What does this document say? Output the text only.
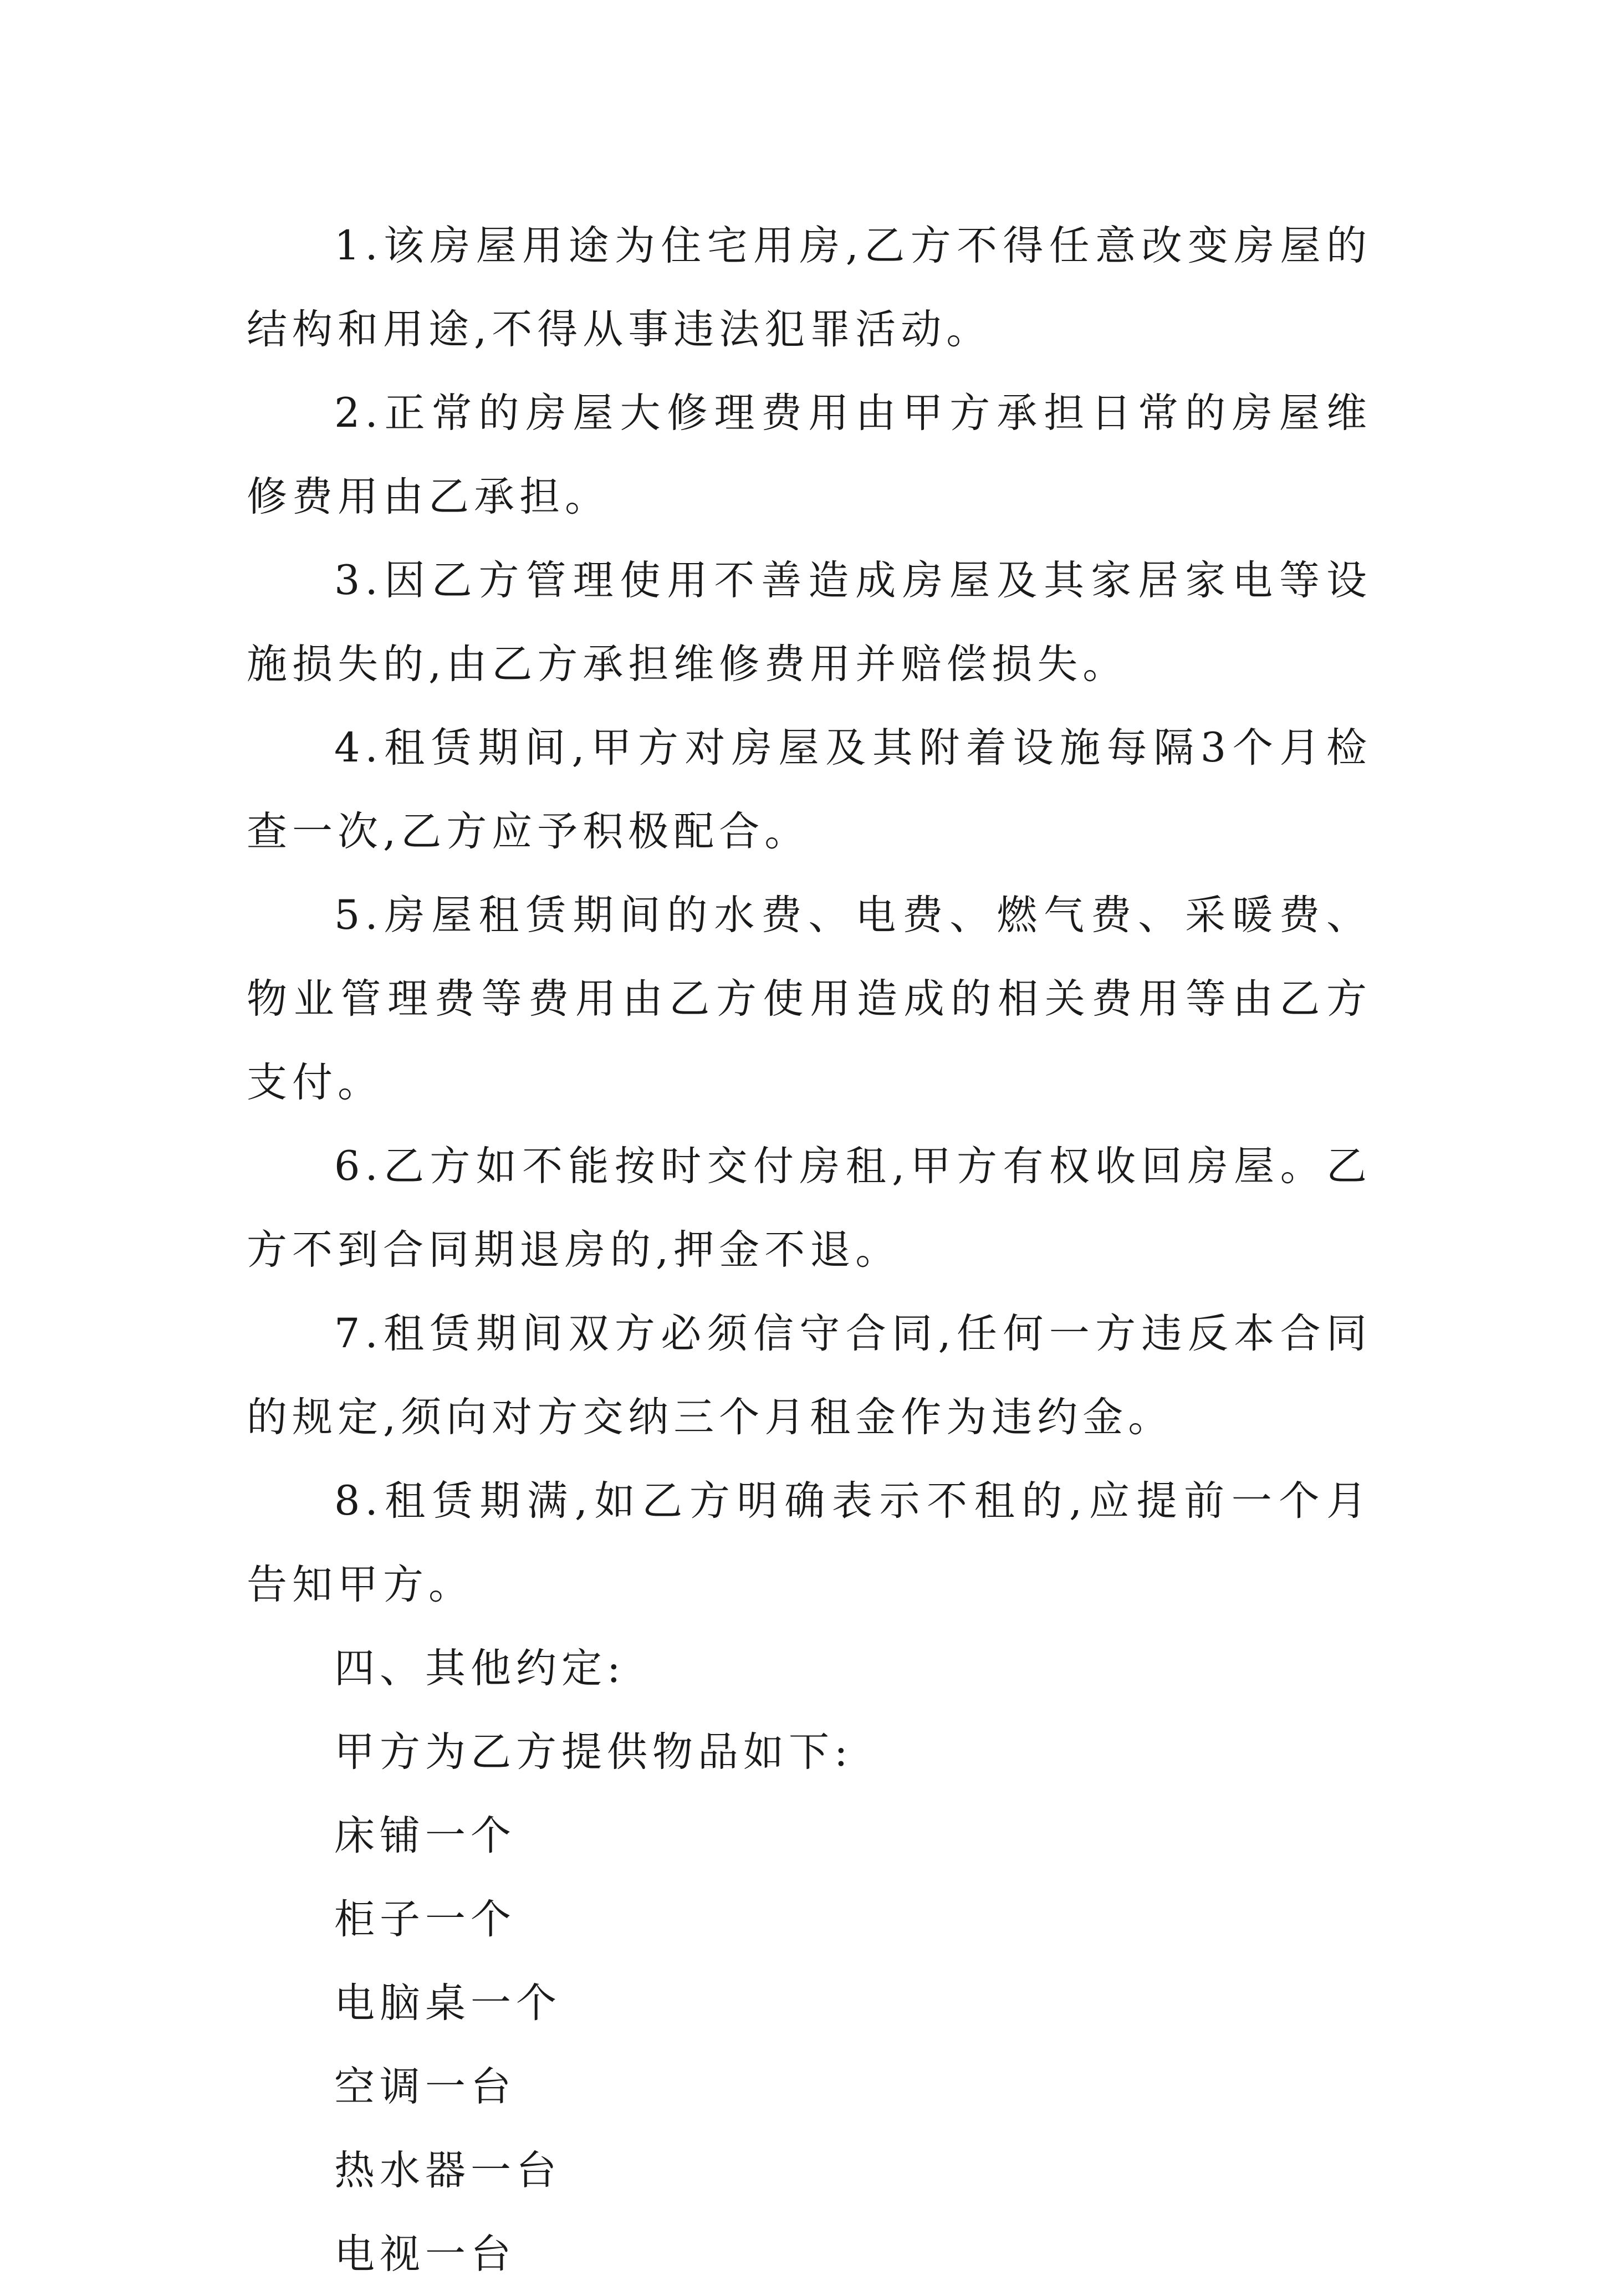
1.该房屋用途为住宅用房,乙方不得任意改变房屋的结构和用途,不得从事违法犯罪活动。

2.正常的房屋大修理费用由甲方承担日常的房屋维修费用由乙承担。

3.因乙方管理使用不善造成房屋及其家居家电等设施损失的,由乙方承担维修费用并赔偿损失。

4.租赁期间,甲方对房屋及其附着设施每隔3个月检查一次,乙方应予积极配合。

5.房屋租赁期间的水费、电费、燃气费、采暖费、物业管理费等费用由乙方使用造成的相关费用等由乙方支付。

6.乙方如不能按时交付房租,甲方有权收回房屋。乙方不到合同期退房的,押金不退。

7.租赁期间双方必须信守合同,任何一方违反本合同的规定,须向对方交纳三个月租金作为违约金。

8.租赁期满,如乙方明确表示不租的,应提前一个月告知甲方。

四、其他约定:

甲方为乙方提供物品如下:

床铺一个

柜子一个

电脑桌一个

空调一台

热水器一台

电视一台
